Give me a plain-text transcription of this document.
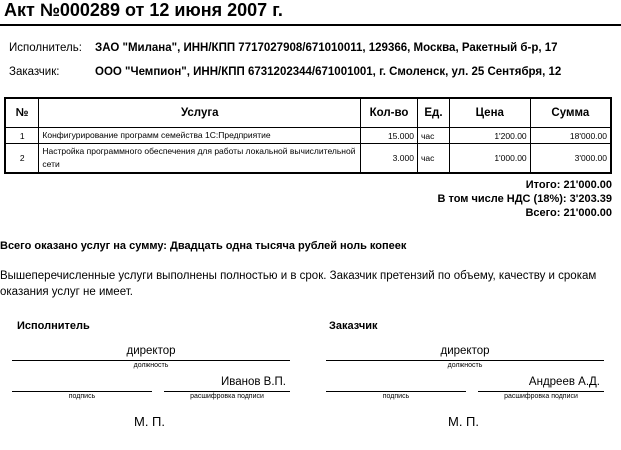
Акт №000289 от 12 июня 2007 г.
Исполнитель: ЗАО "Милана", ИНН/КПП 7717027908/671010011, 129366, Москва, Ракетный б-р, 17
Заказчик:	ООО "Чемпион", ИНН/КПП 6731202344/671001001, г. Смоленск, ул. 25 Сентября, 12
№	Услуга	Кол-во	Ед.	Цена	Сумма
1	Конфигурирование программ семейства 1С:Предприятие	15.000	час	1'200.00	18'000.00
2	Настройка программного обеспечения для работы локальной вычислительной сети	3.000	час	1'000.00	3'000.00
Итого: 21'000.00
В том числе НДС (18%): 3'203.39
Всего: 21'000.00
Всего оказано услуг на сумму: Двадцать одна тысяча рублей ноль копеек
Вышеперечисленные услуги выполнены полностью и в срок. Заказчик претензий по объему, качеству и срокам оказания услуг не имеет.
Исполнитель
директор
должность
Иванов В.П.
подпись	расшифровка подписи
М. П.
Заказчик
директор
должность
Андреев А.Д.
подпись	расшифровка подписи
М. П.
